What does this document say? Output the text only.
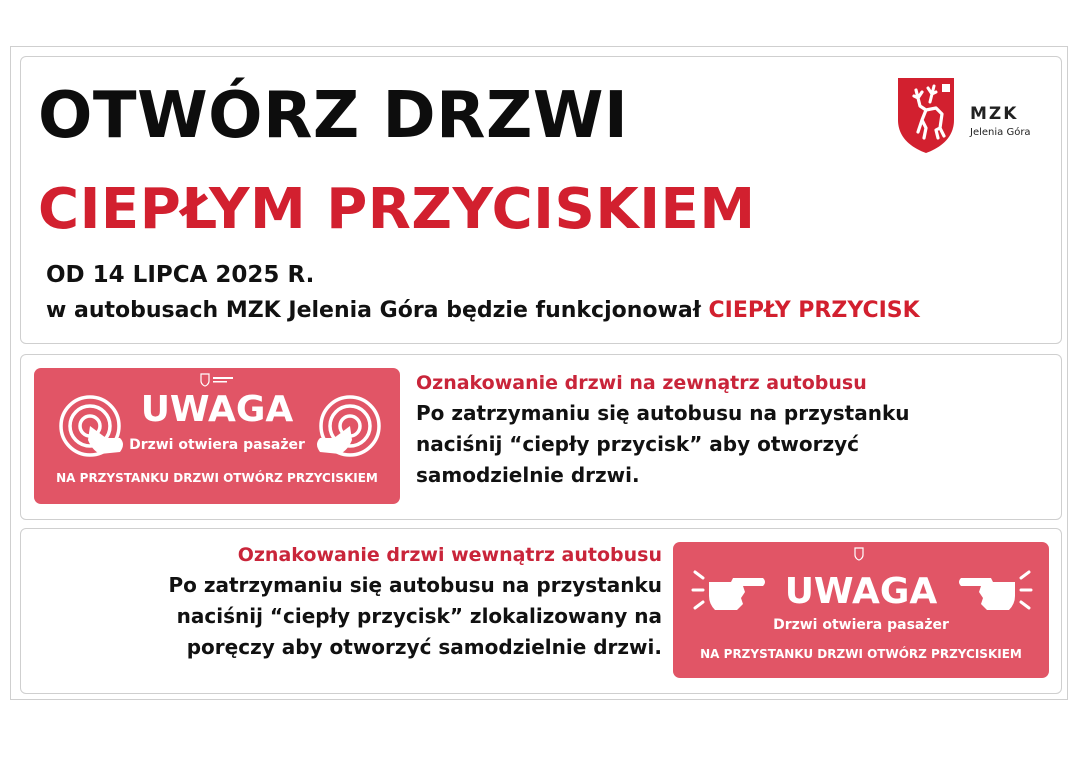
OTWÓRZ DRZWI
CIEPŁYM PRZYCISKIEM
OD 14 LIPCA 2025 R.
w autobusach MZK Jelenia Góra będzie funkcjonował CIEPŁY PRZYCISK
MZK
Jelenia Góra
UWAGA
Drzwi otwiera pasażer
NA PRZYSTANKU DRZWI OTWÓRZ PRZYCISKIEM
Oznakowanie drzwi na zewnątrz autobusu
Po zatrzymaniu się autobusu na przystanku
naciśnij “ciepły przycisk” aby otworzyć
samodzielnie drzwi.
Oznakowanie drzwi wewnątrz autobusu
Po zatrzymaniu się autobusu na przystanku
naciśnij “ciepły przycisk” zlokalizowany na
poręczy aby otworzyć samodzielnie drzwi.
UWAGA
Drzwi otwiera pasażer
NA PRZYSTANKU DRZWI OTWÓRZ PRZYCISKIEM
